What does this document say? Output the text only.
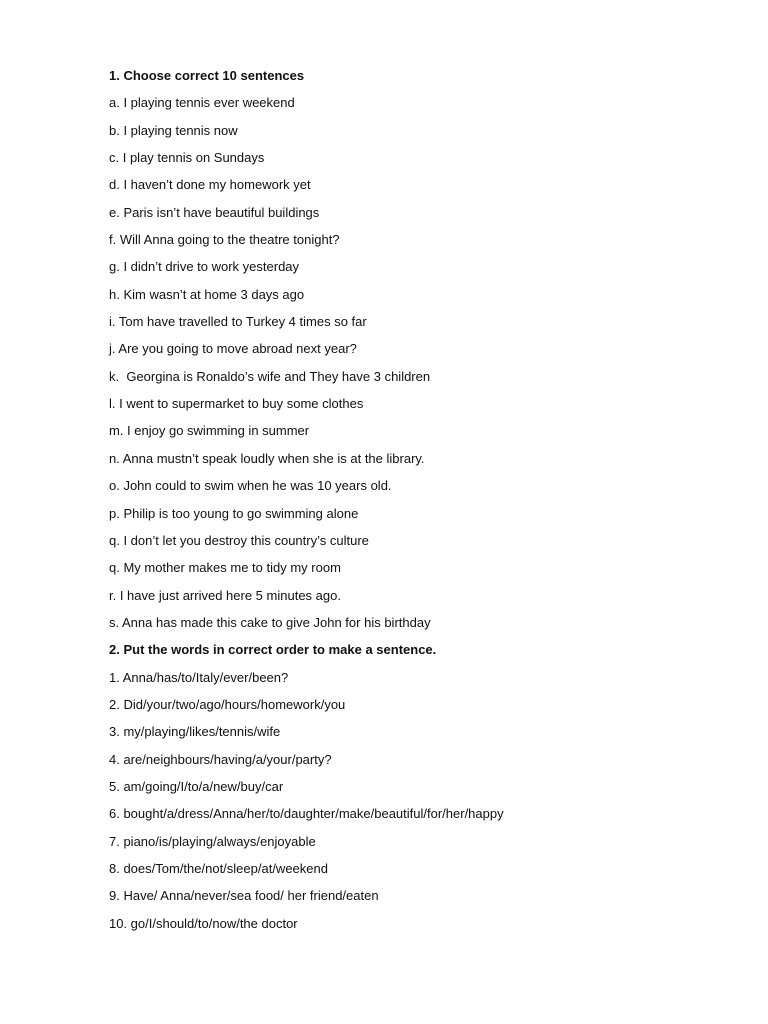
1. Choose correct 10 sentences
a. I playing tennis ever weekend
b. I playing tennis now
c. I play tennis on Sundays
d. I haven’t done my homework yet
e. Paris isn’t have beautiful buildings
f. Will Anna going to the theatre tonight?
g. I didn’t drive to work yesterday
h. Kim wasn’t at home 3 days ago
i. Tom have travelled to Turkey 4 times so far
j. Are you going to move abroad next year?
k.  Georgina is Ronaldo’s wife and They have 3 children
l. I went to supermarket to buy some clothes
m. I enjoy go swimming in summer
n. Anna mustn’t speak loudly when she is at the library.
o. John could to swim when he was 10 years old.
p. Philip is too young to go swimming alone
q. I don’t let you destroy this country’s culture
q. My mother makes me to tidy my room
r. I have just arrived here 5 minutes ago.
s. Anna has made this cake to give John for his birthday
2. Put the words in correct order to make a sentence.
1. Anna/has/to/Italy/ever/been?
2. Did/your/two/ago/hours/homework/you
3. my/playing/likes/tennis/wife
4. are/neighbours/having/a/your/party?
5. am/going/I/to/a/new/buy/car
6. bought/a/dress/Anna/her/to/daughter/make/beautiful/for/her/happy
7. piano/is/playing/always/enjoyable
8. does/Tom/the/not/sleep/at/weekend
9. Have/ Anna/never/sea food/ her friend/eaten
10. go/I/should/to/now/the doctor
